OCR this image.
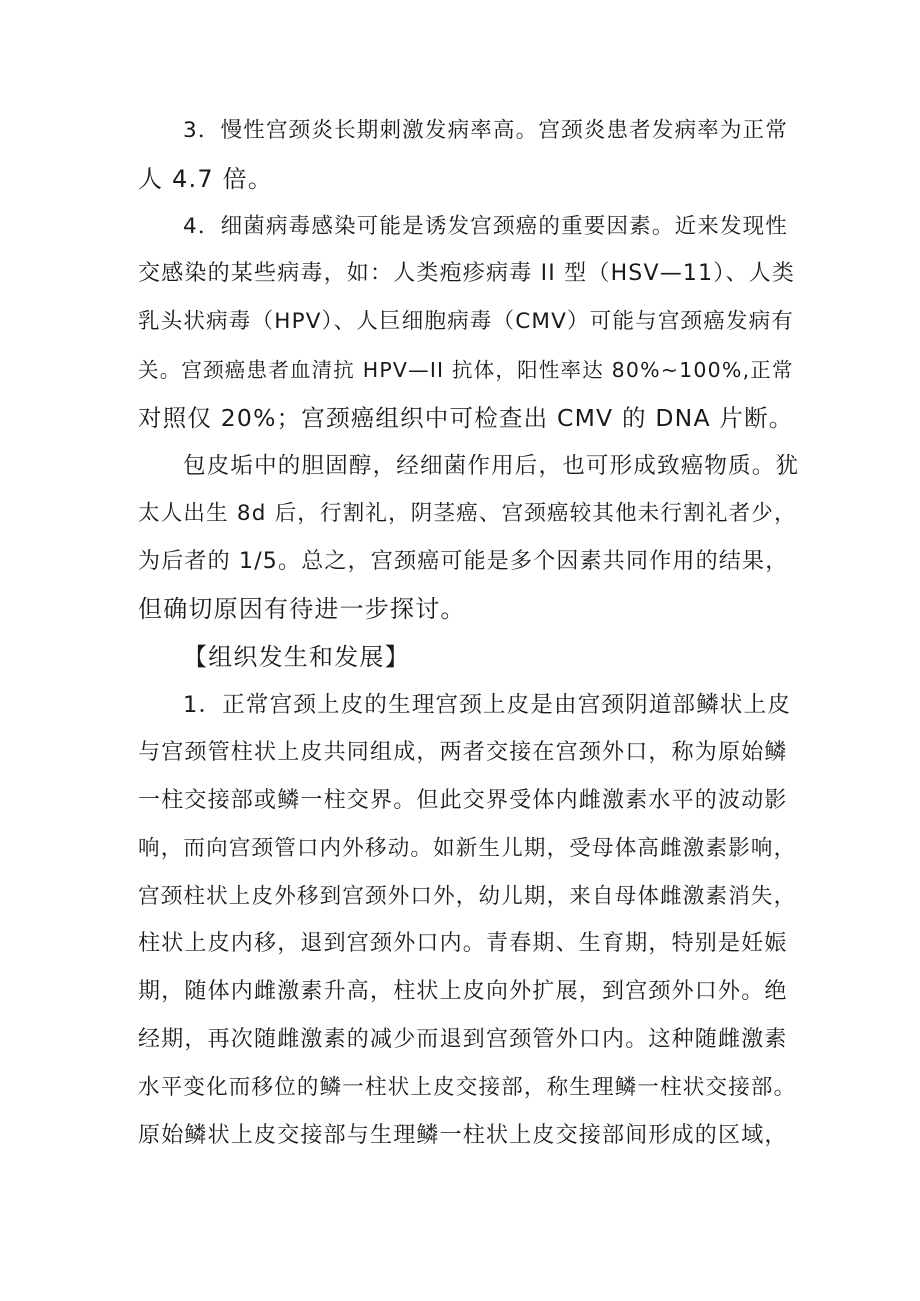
3．慢性宫颈炎长期刺激发病率高。宫颈炎患者发病率为正常
人 4.7 倍。
4．细菌病毒感染可能是诱发宫颈癌的重要因素。近来发现性
交感染的某些病毒，如：人类疱疹病毒 II 型（HSV—11）、人类
乳头状病毒（HPV）、人巨细胞病毒（CMV）可能与宫颈癌发病有
关。宫颈癌患者血清抗 HPV—II 抗体，阳性率达 80%~100%,正常
对照仅 20%；宫颈癌组织中可检查出 CMV 的 DNA 片断。
包皮垢中的胆固醇，经细菌作用后，也可形成致癌物质。犹
太人出生 8d 后，行割礼，阴茎癌、宫颈癌较其他未行割礼者少，
为后者的 1/5。总之，宫颈癌可能是多个因素共同作用的结果，
但确切原因有待进一步探讨。
【组织发生和发展】
1．正常宫颈上皮的生理宫颈上皮是由宫颈阴道部鳞状上皮
与宫颈管柱状上皮共同组成，两者交接在宫颈外口，称为原始鳞
一柱交接部或鳞一柱交界。但此交界受体内雌激素水平的波动影
响，而向宫颈管口内外移动。如新生儿期，受母体高雌激素影响，
宫颈柱状上皮外移到宫颈外口外，幼儿期，来自母体雌激素消失，
柱状上皮内移，退到宫颈外口内。青春期、生育期，特别是妊娠
期，随体内雌激素升高，柱状上皮向外扩展，到宫颈外口外。绝
经期，再次随雌激素的减少而退到宫颈管外口内。这种随雌激素
水平变化而移位的鳞一柱状上皮交接部，称生理鳞一柱状交接部。
原始鳞状上皮交接部与生理鳞一柱状上皮交接部间形成的区域，
